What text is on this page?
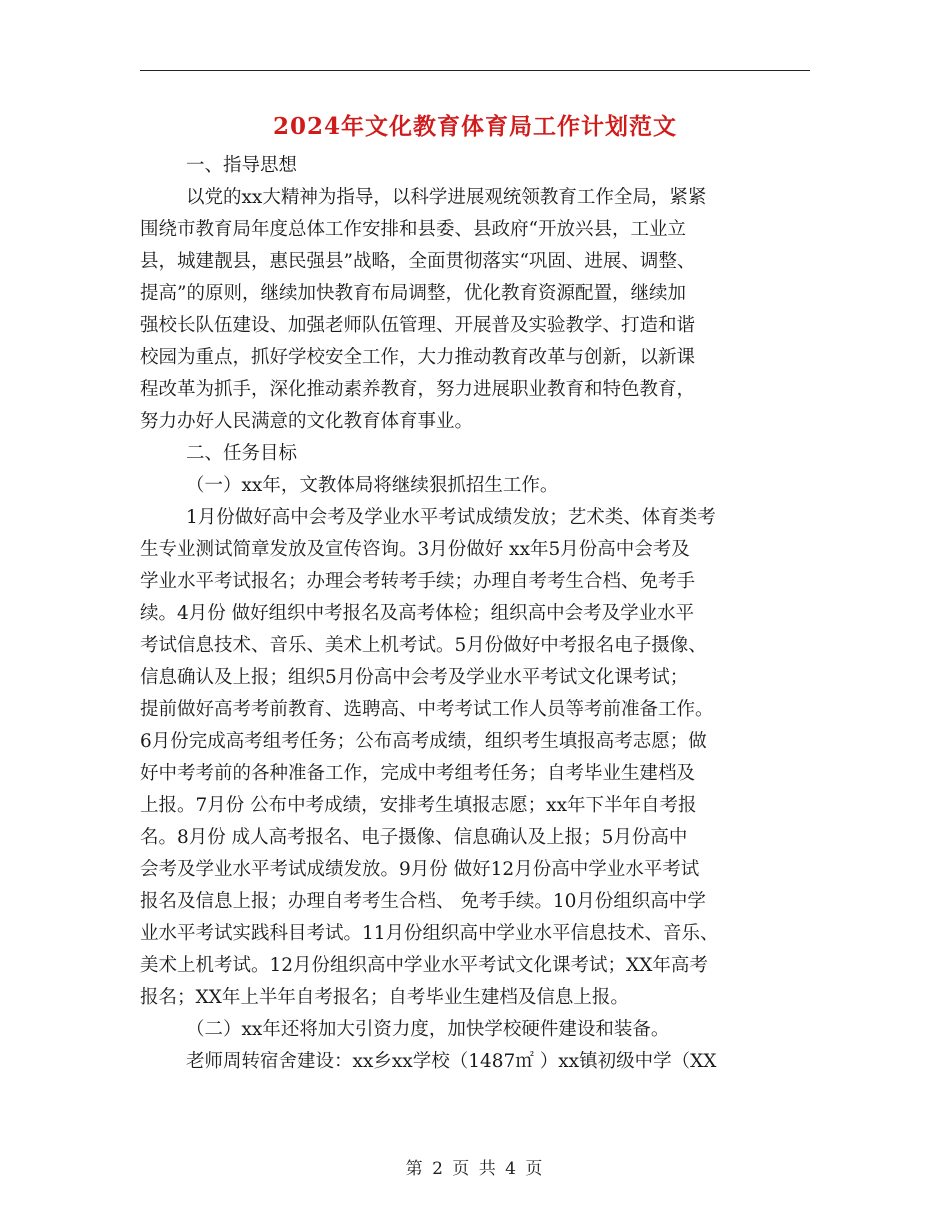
2024年文化教育体育局工作计划范文
一、指导思想
以党的xx大精神为指导，以科学进展观统领教育工作全局，紧紧
围绕市教育局年度总体工作安排和县委、县政府“开放兴县，工业立
县，城建靓县，惠民强县”战略，全面贯彻落实“巩固、进展、调整、
提高”的原则，继续加快教育布局调整，优化教育资源配置，继续加
强校长队伍建设、加强老师队伍管理、开展普及实验教学、打造和谐
校园为重点，抓好学校安全工作，大力推动教育改革与创新，以新课
程改革为抓手，深化推动素养教育，努力进展职业教育和特色教育，
努力办好人民满意的文化教育体育事业。
二、任务目标
（一）xx年，文教体局将继续狠抓招生工作。
1月份做好高中会考及学业水平考试成绩发放；艺术类、体育类考
生专业测试简章发放及宣传咨询。3月份做好 xx年5月份高中会考及
学业水平考试报名；办理会考转考手续；办理自考考生合档、免考手
续。4月份 做好组织中考报名及高考体检；组织高中会考及学业水平
考试信息技术、音乐、美术上机考试。5月份做好中考报名电子摄像、
信息确认及上报；组织5月份高中会考及学业水平考试文化课考试；
提前做好高考考前教育、选聘高、中考考试工作人员等考前准备工作。
6月份完成高考组考任务；公布高考成绩，组织考生填报高考志愿；做
好中考考前的各种准备工作，完成中考组考任务；自考毕业生建档及
上报。7月份 公布中考成绩，安排考生填报志愿；xx年下半年自考报
名。8月份 成人高考报名、电子摄像、信息确认及上报；5月份高中
会考及学业水平考试成绩发放。9月份 做好12月份高中学业水平考试
报名及信息上报；办理自考考生合档、 免考手续。10月份组织高中学
业水平考试实践科目考试。11月份组织高中学业水平信息技术、音乐、
美术上机考试。12月份组织高中学业水平考试文化课考试；XX年高考
报名；XX年上半年自考报名；自考毕业生建档及信息上报。
（二）xx年还将加大引资力度，加快学校硬件建设和装备。
老师周转宿舍建设：xx乡xx学校（1487㎡ ）xx镇初级中学（XX
第 2 页 共 4 页
